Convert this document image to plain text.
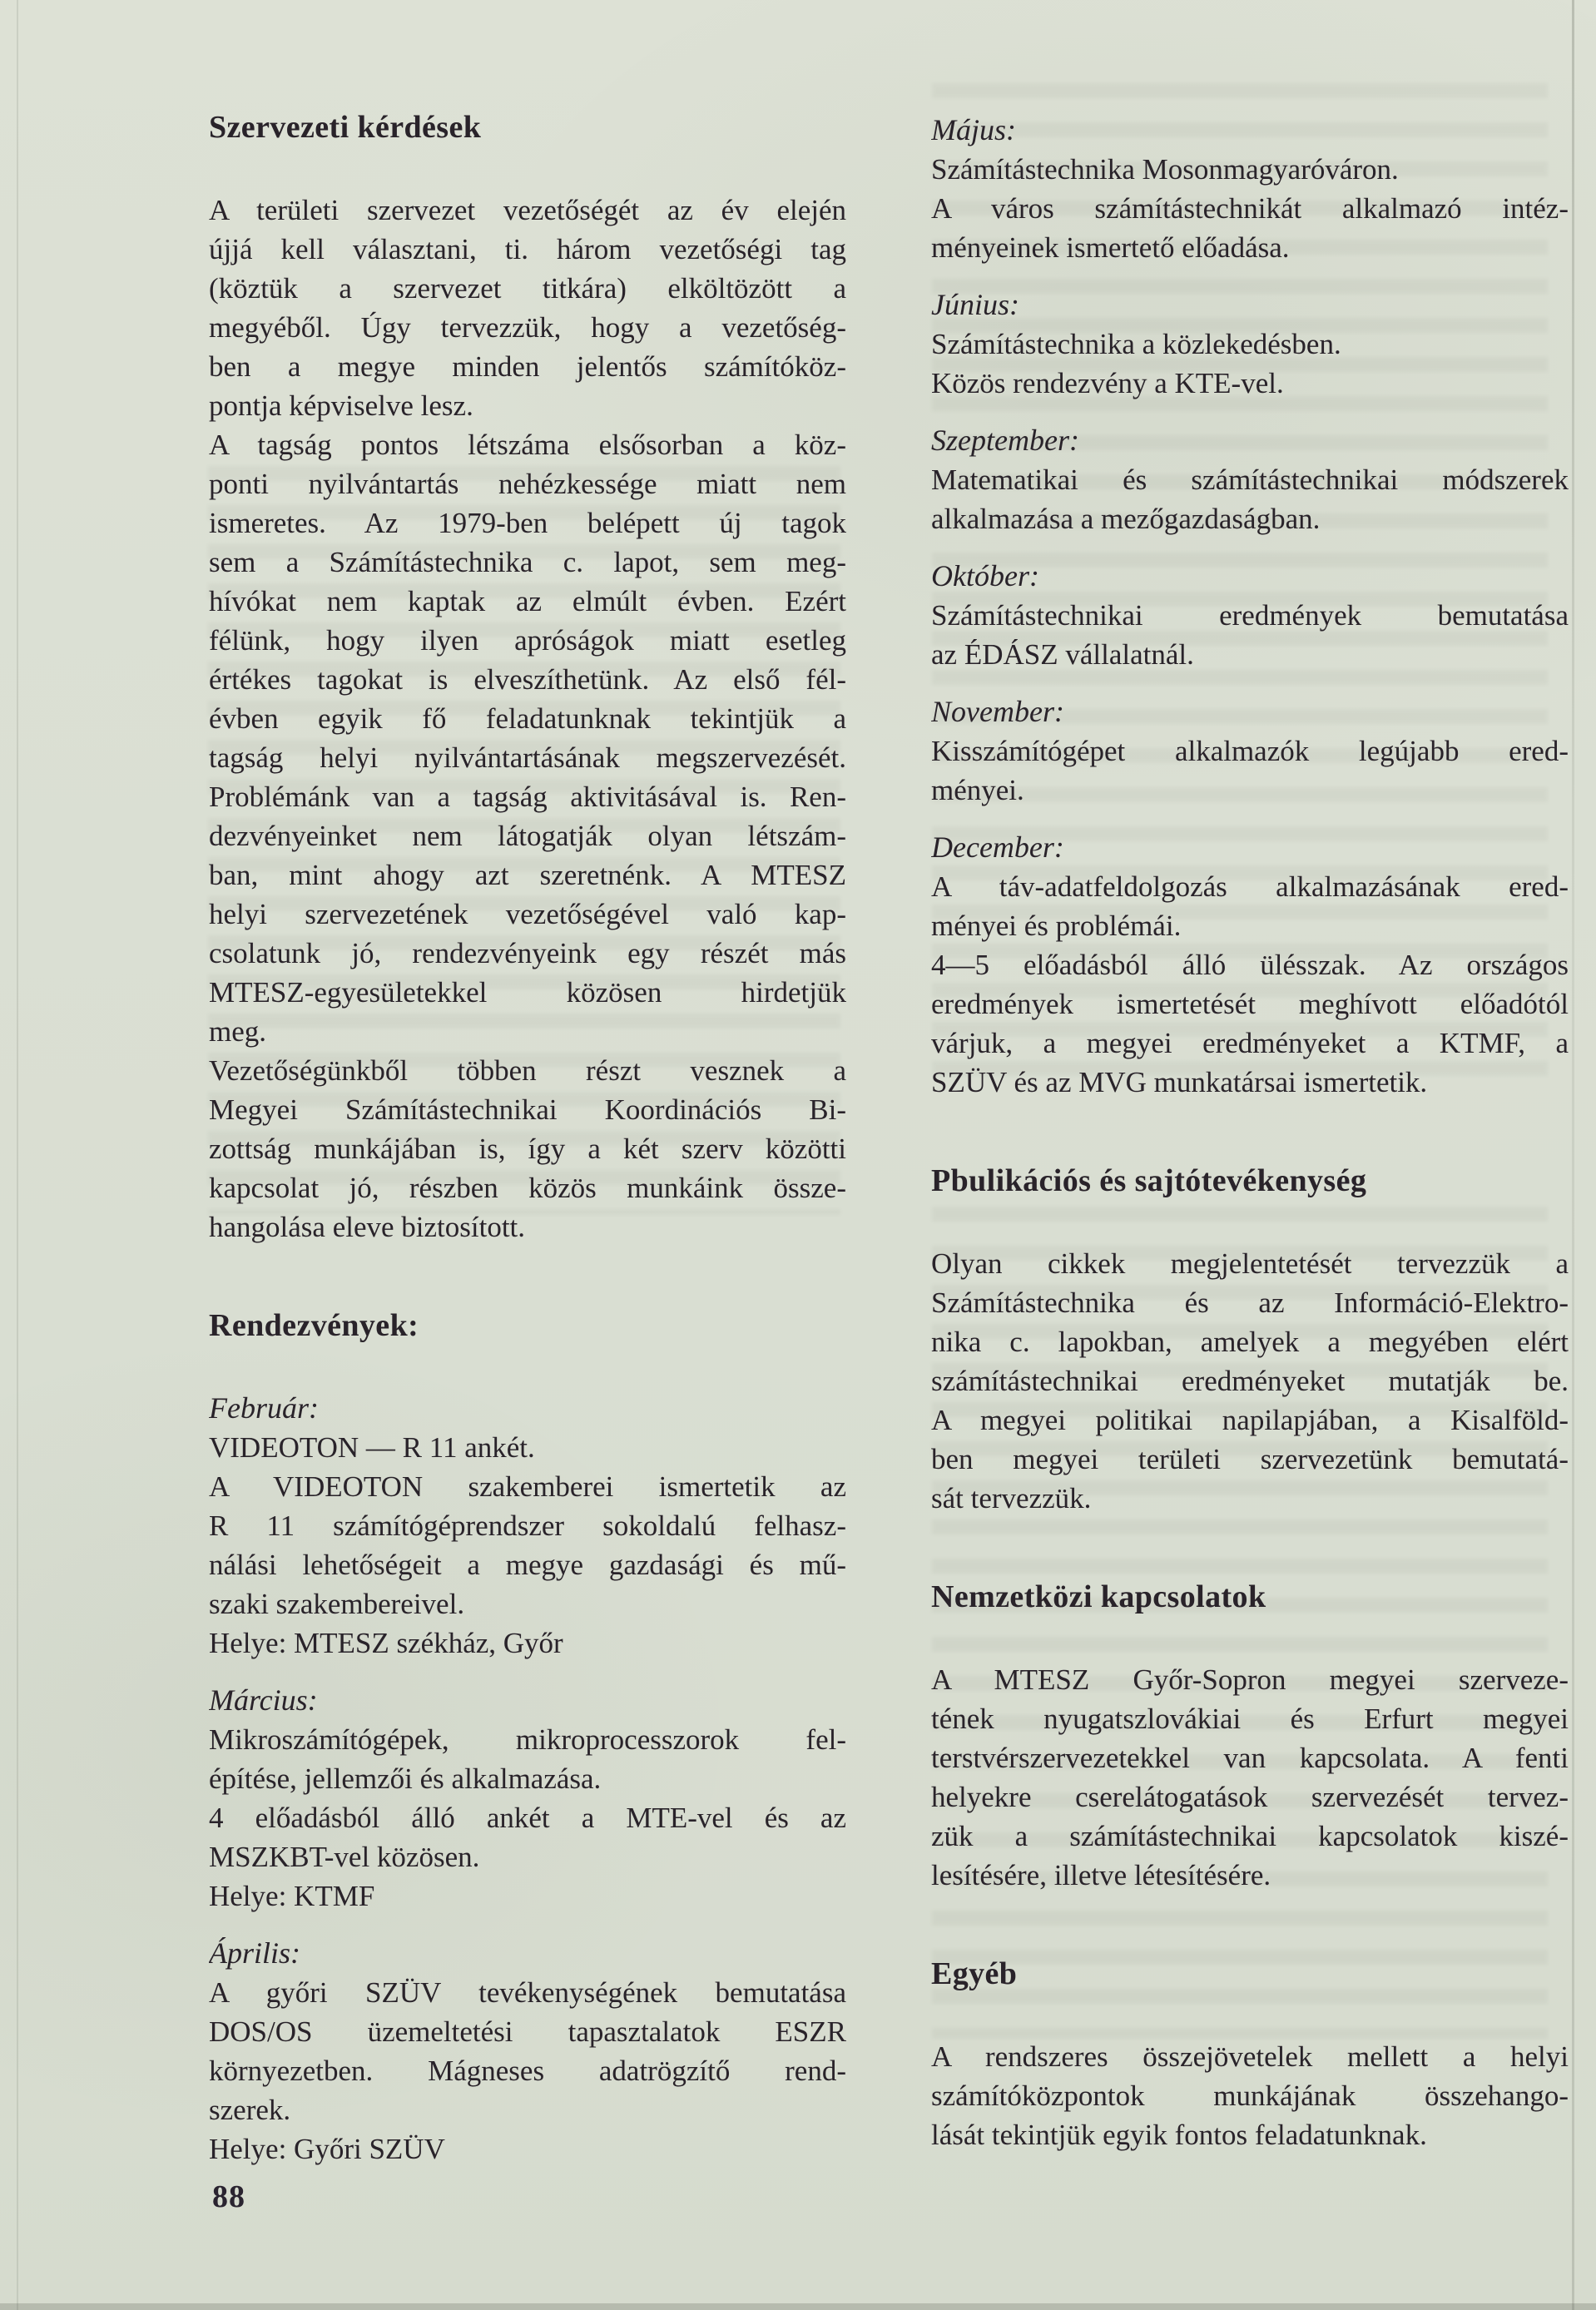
Szervezeti kérdések
A területi szervezet vezetőségét az év elején
újjá kell választani, ti. három vezetőségi tag
(köztük a szervezet titkára) elköltözött a
megyéből. Úgy tervezzük, hogy a vezetőség-
ben a megye minden jelentős számítóköz-
pontja képviselve lesz.
A tagság pontos létszáma elsősorban a köz-
ponti nyilvántartás nehézkessége miatt nem
ismeretes. Az 1979-ben belépett új tagok
sem a Számítástechnika c. lapot, sem meg-
hívókat nem kaptak az elmúlt évben. Ezért
félünk, hogy ilyen apróságok miatt esetleg
értékes tagokat is elveszíthetünk. Az első fél-
évben egyik fő feladatunknak tekintjük a
tagság helyi nyilvántartásának megszervezését.
Problémánk van a tagság aktivitásával is. Ren-
dezvényeinket nem látogatják olyan létszám-
ban, mint ahogy azt szeretnénk. A MTESZ
helyi szervezetének vezetőségével való kap-
csolatunk jó, rendezvényeink egy részét más
MTESZ-egyesületekkel közösen hirdetjük
meg.
Vezetőségünkből többen részt vesznek a
Megyei Számítástechnikai Koordinációs Bi-
zottság munkájában is, így a két szerv közötti
kapcsolat jó, részben közös munkáink össze-
hangolása eleve biztosított.
Rendezvények:
Február:
VIDEOTON — R 11 ankét.
A VIDEOTON szakemberei ismertetik az
R 11 számítógéprendszer sokoldalú felhasz-
nálási lehetőségeit a megye gazdasági és mű-
szaki szakembereivel.
Helye: MTESZ székház, Győr
Március:
Mikroszámítógépek, mikroprocesszorok fel-
építése, jellemzői és alkalmazása.
4 előadásból álló ankét a MTE-vel és az
MSZKBT-vel közösen.
Helye: KTMF
Április:
A győri SZÜV tevékenységének bemutatása
DOS/OS üzemeltetési tapasztalatok ESZR
környezetben. Mágneses adatrögzítő rend-
szerek.
Helye: Győri SZÜV
Május:
Számítástechnika Mosonmagyaróváron.
A város számítástechnikát alkalmazó intéz-
ményeinek ismertető előadása.
Június:
Számítástechnika a közlekedésben.
Közös rendezvény a KTE-vel.
Szeptember:
Matematikai és számítástechnikai módszerek
alkalmazása a mezőgazdaságban.
Október:
Számítástechnikai eredmények bemutatása
az ÉDÁSZ vállalatnál.
November:
Kisszámítógépet alkalmazók legújabb ered-
ményei.
December:
A táv-adatfeldolgozás alkalmazásának ered-
ményei és problémái.
4—5 előadásból álló ülésszak. Az országos
eredmények ismertetését meghívott előadótól
várjuk, a megyei eredményeket a KTMF, a
SZÜV és az MVG munkatársai ismertetik.
Pbulikációs és sajtótevékenység
Olyan cikkek megjelentetését tervezzük a
Számítástechnika és az Információ-Elektro-
nika c. lapokban, amelyek a megyében elért
számítástechnikai eredményeket mutatják be.
A megyei politikai napilapjában, a Kisalföld-
ben megyei területi szervezetünk bemutatá-
sát tervezzük.
Nemzetközi kapcsolatok
A MTESZ Győr-Sopron megyei szerveze-
tének nyugatszlovákiai és Erfurt megyei
terstvérszervezetekkel van kapcsolata. A fenti
helyekre cserelátogatások szervezését tervez-
zük a számítástechnikai kapcsolatok kiszé-
lesítésére, illetve létesítésére.
Egyéb
A rendszeres összejövetelek mellett a helyi
számítóközpontok munkájának összehango-
lását tekintjük egyik fontos feladatunknak.
88
